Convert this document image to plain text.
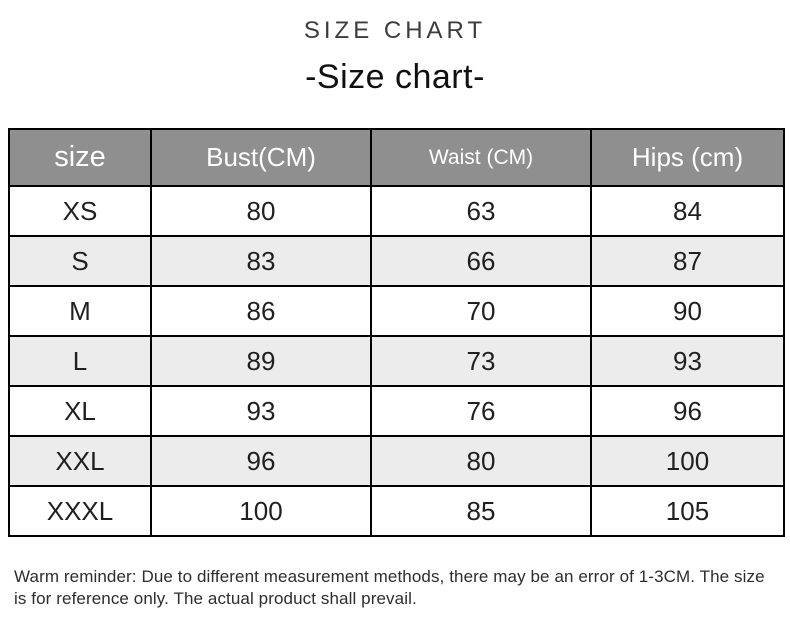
SIZE CHART
-Size chart-
size	Bust(CM)	Waist (CM)	Hips (cm)
XS	80	63	84
S	83	66	87
M	86	70	90
L	89	73	93
XL	93	76	96
XXL	96	80	100
XXXL	100	85	105

Warm reminder: Due to different measurement methods, there may be an error of 1-3CM. The size is for reference only. The actual product shall prevail.
